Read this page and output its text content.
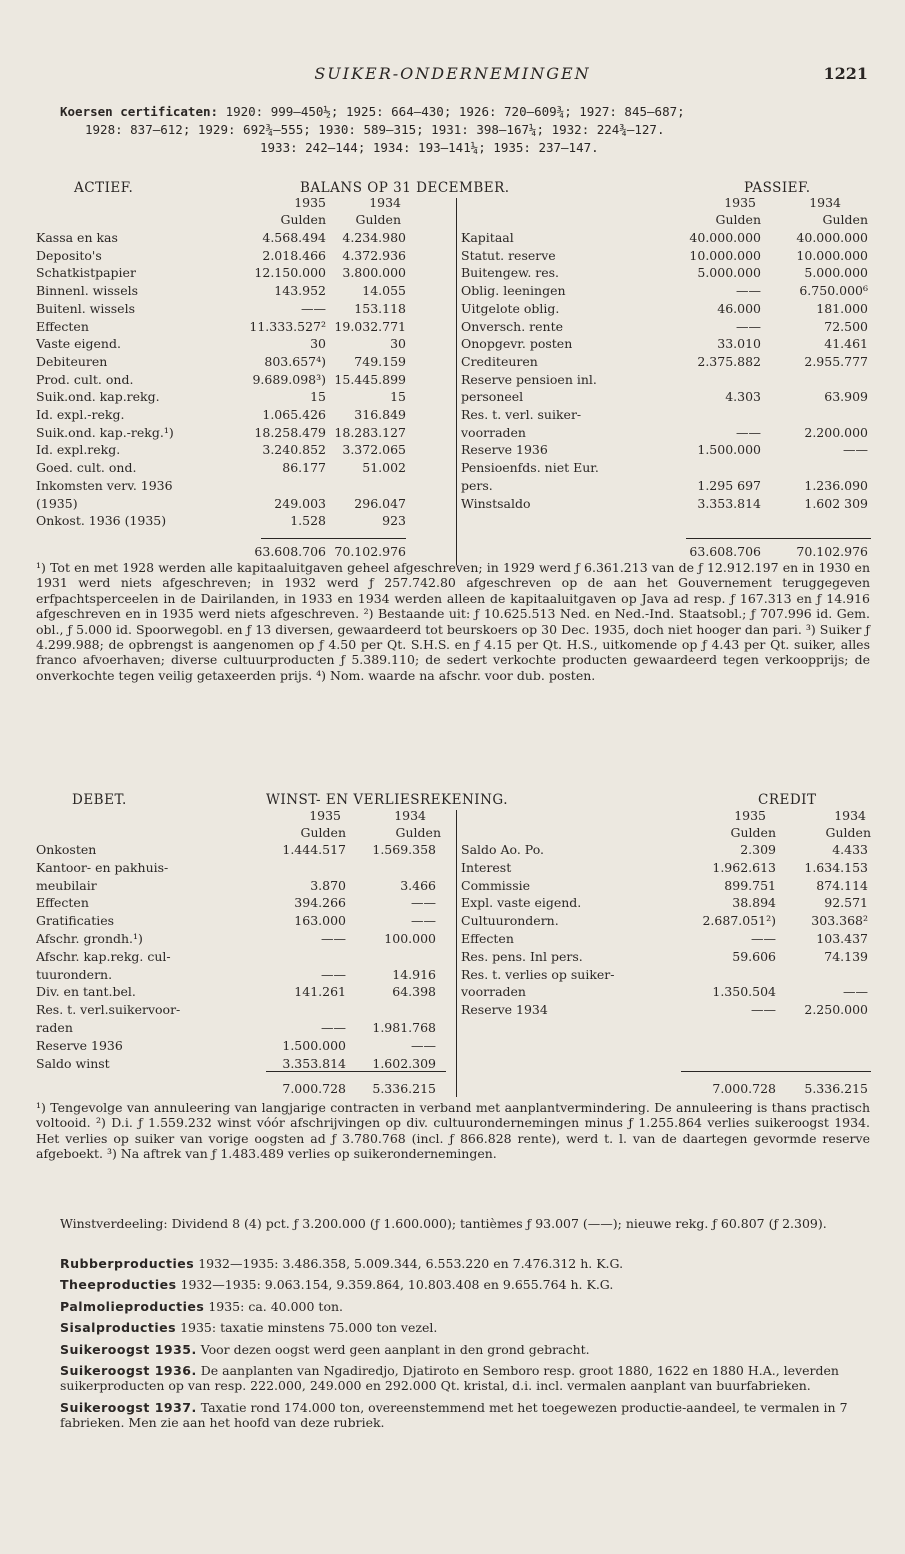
SUIKER-ONDERNEMINGEN	1221
Koersen certificaten: 1920: 999—450½; 1925: 664—430; 1926: 720—609¾; 1927: 845—687;
1928: 837—612; 1929: 692¾—555; 1930: 589—315; 1931: 398—167¼; 1932: 224¾—127.
1933: 242—144; 1934: 193—141¼; 1935: 237—147.
ACTIEF.	BALANS OP 31 DECEMBER.	PASSIEF.
1935	1934	1935	1934
Gulden	Gulden	Gulden	Gulden
Kassa en kas	4.568.494	4.234.980
Deposito's	2.018.466	4.372.936
Schatkistpapier	12.150.000	3.800.000
Binnenl. wissels	143.952	14.055
Buitenl. wissels	——	153.118
Effecten	11.333.527² 19.032.771
Vaste eigend.	30	30
Debiteuren	803.657⁴)	749.159
Prod. cult. ond.	9.689.098³) 15.445.899
Suik.ond. kap.rekg.	15	15
Id. expl.-rekg.	1.065.426	316.849
Suik.ond. kap.-rekg.¹)	18.258.479 18.283.127
Id. expl.rekg.	3.240.852	3.372.065
Goed. cult. ond.	86.177	51.002
Inkomsten verv. 1936
(1935)	249.003	296.047
Onkost. 1936 (1935)	1.528	923
Kapitaal	40.000.000	40.000.000
Statut. reserve	10.000.000	10.000.000
Buitengew. res.	5.000.000	5.000.000
Oblig. leeningen	——	6.750.000⁶
Uitgelote oblig.	46.000	181.000
Onversch. rente	——	72.500
Onopgevr. posten	33.010	41.461
Crediteuren	2.375.882	2.955.777
Reserve pensioen inl.
personeel	4.303	63.909
Res. t. verl. suiker-
voorraden	——	2.200.000
Reserve 1936	1.500.000	——
Pensioenfds. niet Eur.
pers.	1.295 697	1.236.090
Winstsaldo	3.353.814	1.602 309
63.608.706 70.102.976	63.608.706	70.102.976

¹) Tot en met 1928 werden alle kapitaaluitgaven geheel afgeschreven; in 1929 werd ƒ 6.361.213 van de ƒ 12.912.197 en in 1930 en 1931 werd niets afgeschreven; in 1932 werd ƒ 257.742.80 afgeschreven op de aan het Gouvernement teruggegeven erfpachtsperceelen in de Dairilanden, in 1933 en 1934 werden alleen de kapitaaluitgaven op Java ad resp. ƒ 167.313 en ƒ 14.916 afgeschreven en in 1935 werd niets afgeschreven. ²) Bestaande uit: ƒ 10.625.513 Ned. en Ned.-Ind. Staatsobl.; ƒ 707.996 id. Gem. obl., ƒ 5.000 id. Spoorwegobl. en ƒ 13 diversen, gewaardeerd tot beurskoers op 30 Dec. 1935, doch niet hooger dan pari. ³) Suiker ƒ 4.299.988; de opbrengst is aangenomen op ƒ 4.50 per Qt. S.H.S. en ƒ 4.15 per Qt. H.S., uitkomende op ƒ 4.43 per Qt. suiker, alles franco afvoerhaven; diverse cultuurproducten ƒ 5.389.110; de sedert verkochte producten gewaardeerd tegen verkoopprijs; de onverkochte tegen veilig getaxeerden prijs. ⁴) Nom. waarde na afschr. voor dub. posten.

DEBET.	WINST- EN VERLIESREKENING.	CREDIT
1935	1934	1935	1934
Gulden	Gulden	Gulden	Gulden
Onkosten	1.444.517	1.569.358
Kantoor- en pakhuis-
meubilair	3.870	3.466
Effecten	394.266	——
Gratificaties	163.000	——
Afschr. grondh.¹)	——	100.000
Afschr. kap.rekg. cul-
tuurondern.	——	14.916
Div. en tant.bel.	141.261	64.398
Res. t. verl.suikervoor-
raden	——	1.981.768
Reserve 1936	1.500.000	——
Saldo winst	3.353.814	1.602.309
Saldo Ao. Po.	2.309	4.433
Interest	1.962.613	1.634.153
Commissie	899.751	874.114
Expl. vaste eigend.	38.894	92.571
Cultuurondern.	2.687.051²)	303.368²
Effecten	——	103.437
Res. pens. Inl pers.	59.606	74.139
Res. t. verlies op suiker-
voorraden	1.350.504	——
Reserve 1934	——	2.250.000
7.000.728	5.336.215	7.000.728	5.336.215

¹) Tengevolge van annuleering van langjarige contracten in verband met aanplantvermindering. De annuleering is thans practisch voltooid. ²) D.i. ƒ 1.559.232 winst vóór afschrijvingen op div. cultuurondernemingen minus ƒ 1.255.864 verlies suikeroogst 1934. Het verlies op suiker van vorige oogsten ad ƒ 3.780.768 (incl. ƒ 866.828 rente), werd t. l. van de daartegen gevormde reserve afgeboekt. ³) Na aftrek van ƒ 1.483.489 verlies op suikerondernemingen.

Winstverdeeling: Dividend 8 (4) pct. ƒ 3.200.000 (ƒ 1.600.000); tantièmes ƒ 93.007 (——); nieuwe rekg. ƒ 60.807 (ƒ 2.309).

Rubberproducties 1932—1935: 3.486.358, 5.009.344, 6.553.220 en 7.476.312 h. K.G.

Theeproducties 1932—1935: 9.063.154, 9.359.864, 10.803.408 en 9.655.764 h. K.G.

Palmolieproducties 1935: ca. 40.000 ton.

Sisalproducties 1935: taxatie minstens 75.000 ton vezel.

Suikeroogst 1935. Voor dezen oogst werd geen aanplant in den grond gebracht.

Suikeroogst 1936. De aanplanten van Ngadiredjo, Djatiroto en Semboro resp. groot 1880, 1622 en 1880 H.A., leverden suikerproducten op van resp. 222.000, 249.000 en 292.000 Qt. kristal, d.i. incl. vermalen aanplant van buurfabrieken.

Suikeroogst 1937. Taxatie rond 174.000 ton, overeenstemmend met het toegewezen productie-aandeel, te vermalen in 7 fabrieken. Men zie aan het hoofd van deze rubriek.
